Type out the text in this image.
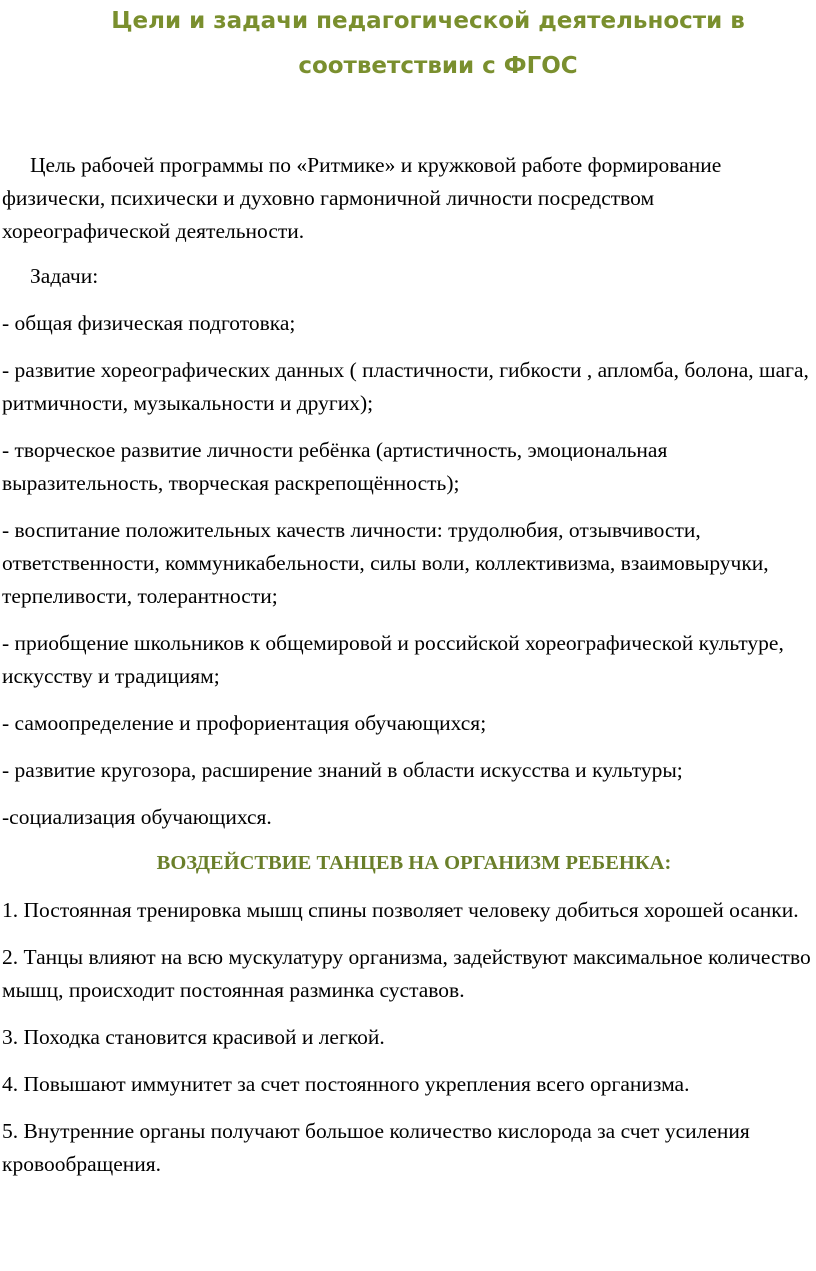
Цели и задачи педагогической деятельности в
соответствии с ФГОС

Цель рабочей программы по «Ритмике» и кружковой работе формирование физически, психически и духовно гармоничной личности посредством хореографической деятельности.

Задачи:

- общая физическая подготовка;

- развитие хореографических данных ( пластичности, гибкости , апломба, болона, шага, ритмичности, музыкальности и других);

- творческое развитие личности ребёнка (артистичность, эмоциональная выразительность, творческая раскрепощённость);

- воспитание положительных качеств личности: трудолюбия, отзывчивости, ответственности, коммуникабельности, силы воли, коллективизма, взаимовыручки, терпеливости, толерантности;

- приобщение школьников к общемировой и российской хореографической культуре, искусству и традициям;

- самоопределение и профориентация обучающихся;

- развитие кругозора, расширение знаний в области искусства и культуры;

-социализация обучающихся.

ВОЗДЕЙСТВИЕ ТАНЦЕВ НА ОРГАНИЗМ РЕБЕНКА:

1. Постоянная тренировка мышц спины позволяет человеку добиться хорошей осанки.

2. Танцы влияют на всю мускулатуру организма, задействуют максимальное количество мышц, происходит постоянная разминка суставов.

3. Походка становится красивой и легкой.

4. Повышают иммунитет за счет постоянного укрепления всего организма.

5. Внутренние органы получают большое количество кислорода за счет усиления кровообращения.
